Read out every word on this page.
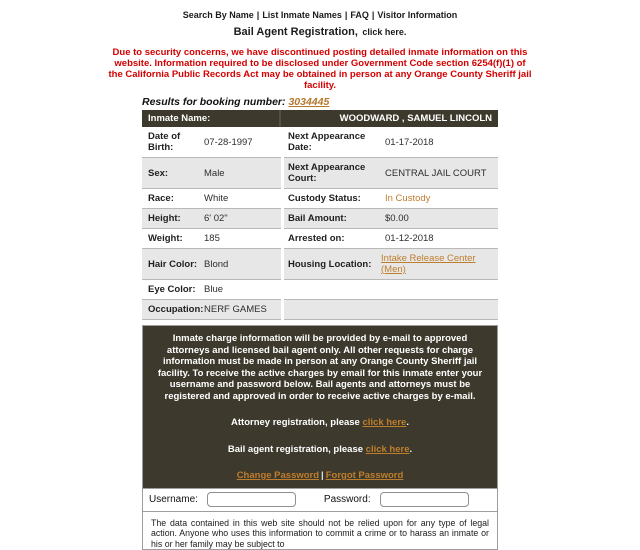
Search By Name | List Inmate Names | FAQ | Visitor Information
Bail Agent Registration, click here.
Due to security concerns, we have discontinued posting detailed inmate information on this website. Information required to be disclosed under Government Code section 6254(f)(1) of the California Public Records Act may be obtained in person at any Orange County Sheriff jail facility.
Results for booking number: 3034445
Inmate Name:	WOODWARD , SAMUEL LINCOLN
Date of Birth:	07-28-1997	Next Appearance Date:	01-17-2018
Sex:	Male	Next Appearance Court:	CENTRAL JAIL COURT
Race:	White	Custody Status:	In Custody
Height:	6' 02"	Bail Amount:	$0.00
Weight:	185	Arrested on:	01-12-2018
Hair Color: Blond	Housing Location:	Intake Release Center (Men)
Eye Color: Blue
Occupation: NERF GAMES
Inmate charge information will be provided by e-mail to approved attorneys and licensed bail agent only. All other requests for charge information must be made in person at any Orange County Sheriff jail facility. To receive the active charges by email for this inmate enter your username and password below. Bail agents and attorneys must be registered and approved in order to receive active charges by e-mail.
Attorney registration, please click here.
Bail agent registration, please click here.
Change Password | Forgot Password
Username:	Password:
The data contained in this web site should not be relied upon for any type of legal action. Anyone who uses this information to commit a crime or to harass an inmate or his or her family may be subject to
